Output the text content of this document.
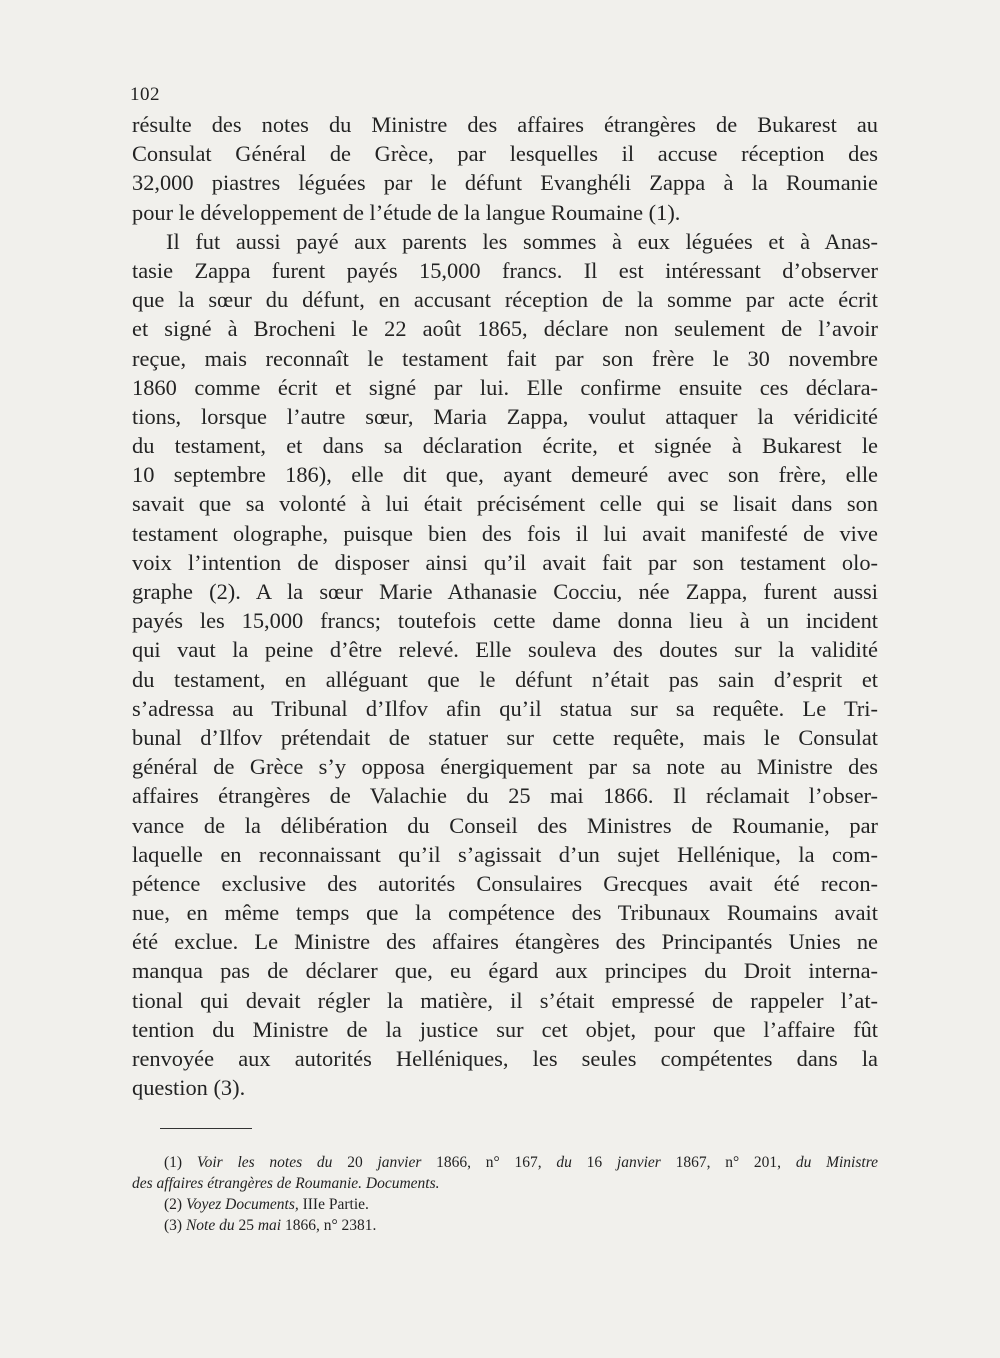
102
résulte des notes du Ministre des affaires étrangères de Bukarest au
Consulat Général de Grèce, par lesquelles il accuse réception des
32,000 piastres léguées par le défunt Evanghéli Zappa à la Roumanie
pour le développement de l’étude de la langue Roumaine (1).
Il fut aussi payé aux parents les sommes à eux léguées et à Anas-
tasie Zappa furent payés 15,000 francs. Il est intéressant d’observer
que la sœur du défunt, en accusant réception de la somme par acte écrit
et signé à Brocheni le 22 août 1865, déclare non seulement de l’avoir
reçue, mais reconnaît le testament fait par son frère le 30 novembre
1860 comme écrit et signé par lui. Elle confirme ensuite ces déclara-
tions, lorsque l’autre sœur, Maria Zappa, voulut attaquer la véridicité
du testament, et dans sa déclaration écrite, et signée à Bukarest le
10 septembre 186), elle dit que, ayant demeuré avec son frère, elle
savait que sa volonté à lui était précisément celle qui se lisait dans son
testament olographe, puisque bien des fois il lui avait manifesté de vive
voix l’intention de disposer ainsi qu’il avait fait par son testament olo-
graphe (2). A la sœur Marie Athanasie Cocciu, née Zappa, furent aussi
payés les 15,000 francs; toutefois cette dame donna lieu à un incident
qui vaut la peine d’être relevé. Elle souleva des doutes sur la validité
du testament, en alléguant que le défunt n’était pas sain d’esprit et
s’adressa au Tribunal d’Ilfov afin qu’il statua sur sa requête. Le Tri-
bunal d’Ilfov prétendait de statuer sur cette requête, mais le Consulat
général de Grèce s’y opposa énergiquement par sa note au Ministre des
affaires étrangères de Valachie du 25 mai 1866. Il réclamait l’obser-
vance de la délibération du Conseil des Ministres de Roumanie, par
laquelle en reconnaissant qu’il s’agissait d’un sujet Hellénique, la com-
pétence exclusive des autorités Consulaires Grecques avait été recon-
nue, en même temps que la compétence des Tribunaux Roumains avait
été exclue. Le Ministre des affaires étangères des Principantés Unies ne
manqua pas de déclarer que, eu égard aux principes du Droit interna-
tional qui devait régler la matière, il s’était empressé de rappeler l’at-
tention du Ministre de la justice sur cet objet, pour que l’affaire fût
renvoyée aux autorités Helléniques, les seules compétentes dans la
question (3).
(1) Voir les notes du 20 janvier 1866, n° 167, du 16 janvier 1867, n° 201, du Ministre
des affaires étrangères de Roumanie. Documents.
(2) Voyez Documents, IIIe Partie.
(3) Note du 25 mai 1866, n° 2381.
